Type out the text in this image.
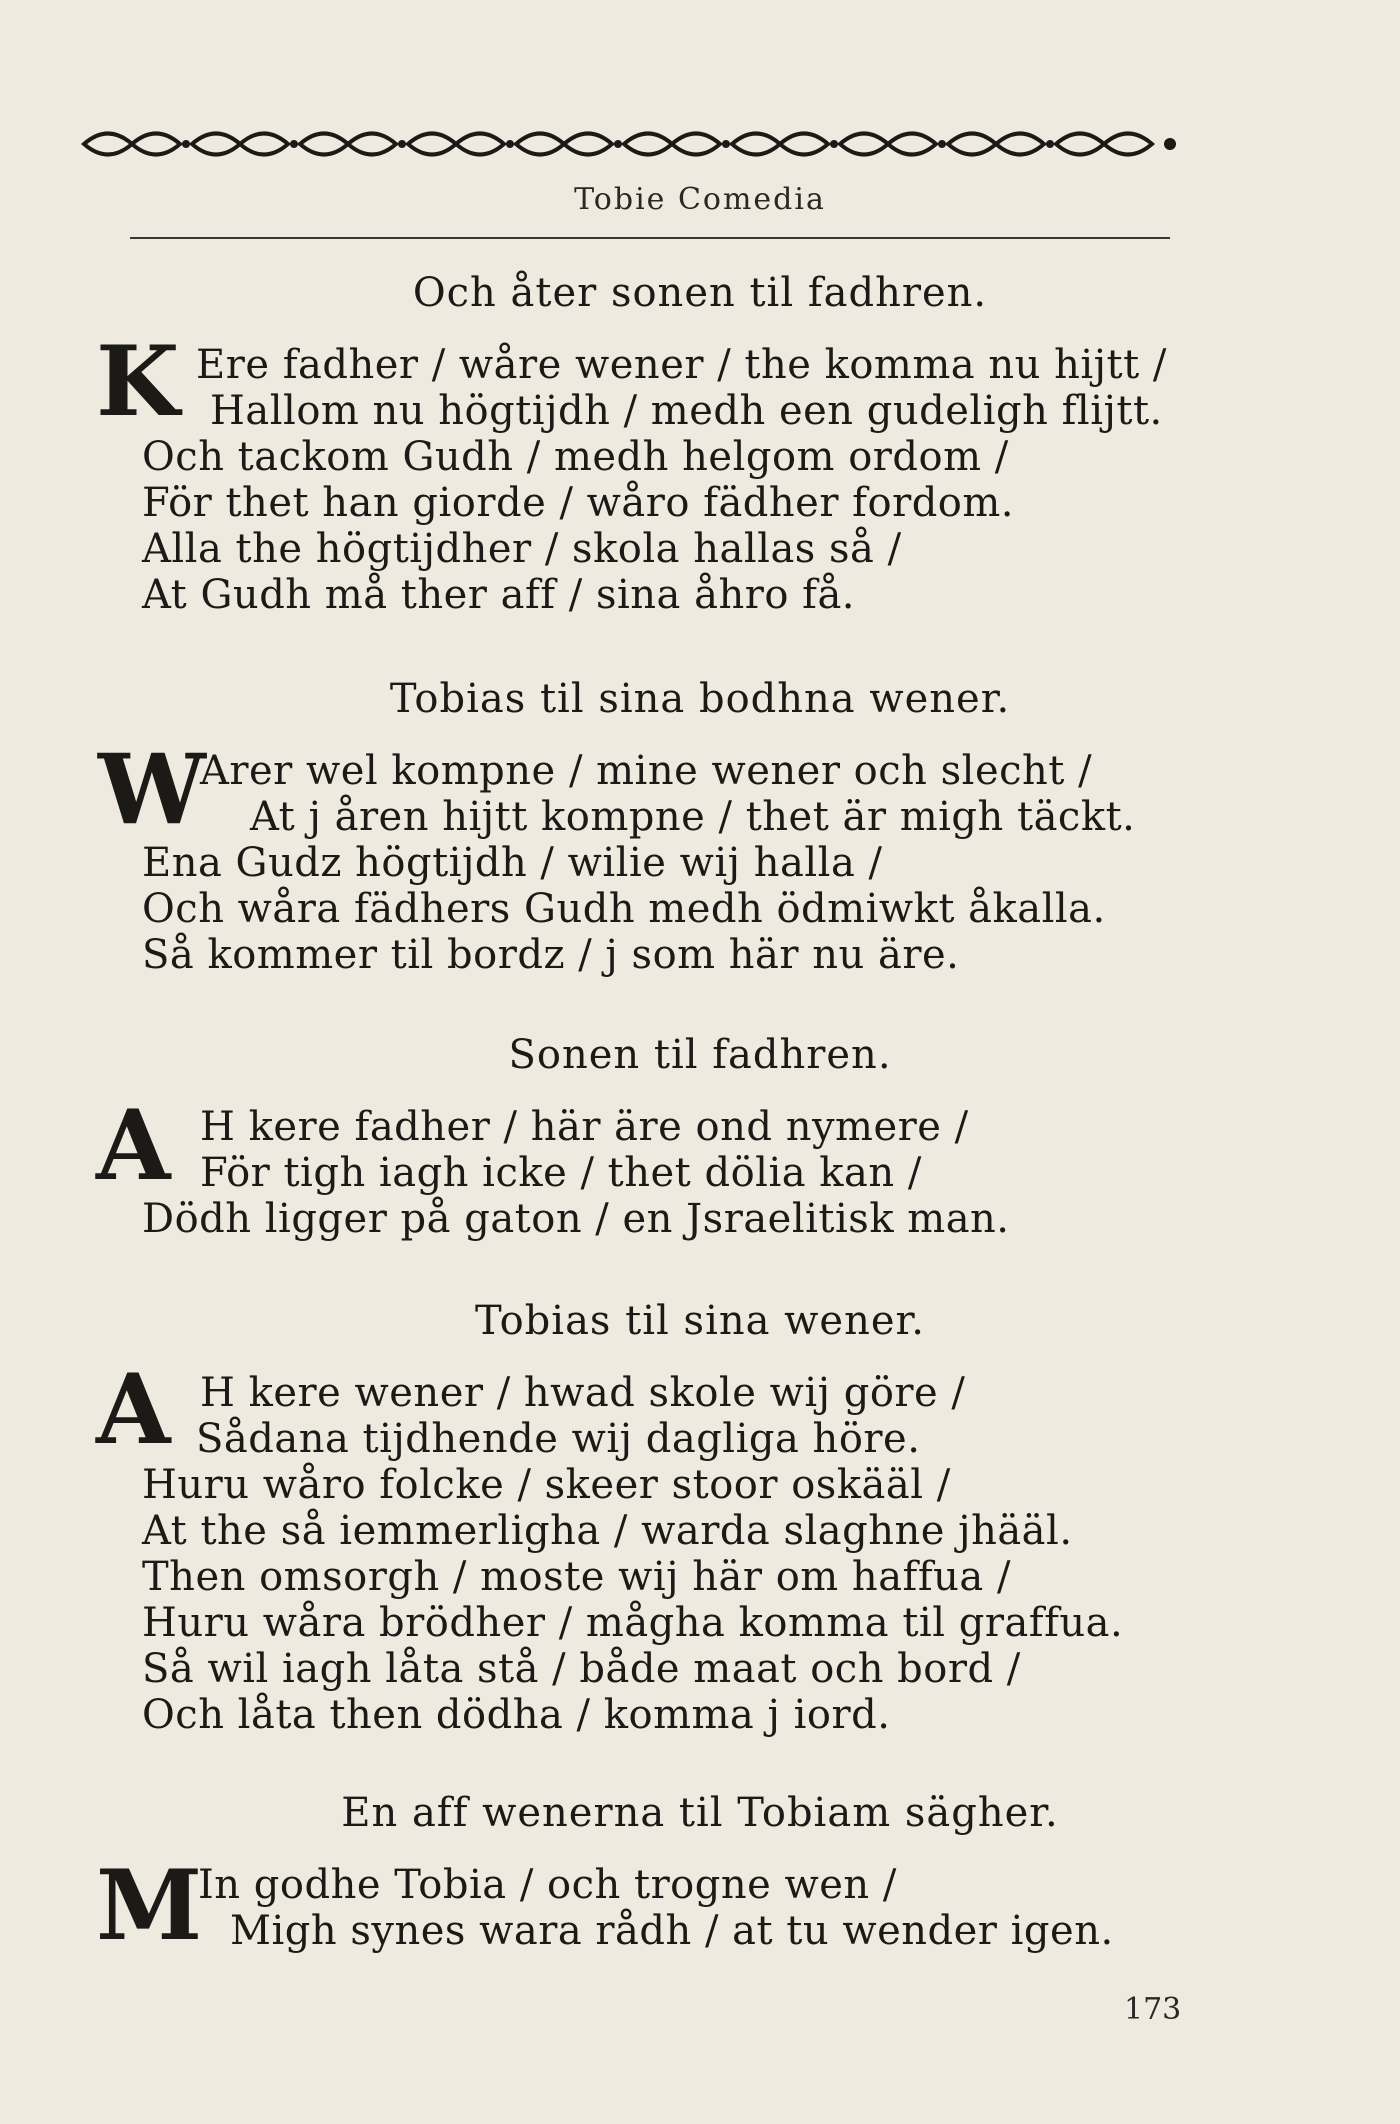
Tobie Comedia
Och åter sonen til fadhren.
K Ere fadher / wåre wener / the komma nu hijtt /
Hallom nu högtijdh / medh een gudeligh flijtt.
Och tackom Gudh / medh helgom ordom /
För thet han giorde / wåro fädher fordom.
Alla the högtijdher / skola hallas så /
At Gudh må ther aff / sina åhro få.
Tobias til sina bodhna wener.
W
Arer wel kompne / mine wener och slecht /
At j åren hijtt kompne / thet är migh täckt.
Ena Gudz högtijdh / wilie wij halla /
Och wåra fädhers Gudh medh ödmiwkt åkalla.
Så kommer til bordz / j som här nu äre.
Sonen til fadhren.
A H kere fadher / här äre ond nymere /
För tigh iagh icke / thet dölia kan /
Dödh ligger på gaton / en Jsraelitisk man.
Tobias til sina wener.
A H kere wener / hwad skole wij göre /
Sådana tijdhende wij dagliga höre.
Huru wåro folcke / skeer stoor oskääl /
At the så iemmerligha / warda slaghne jhääl.
Then omsorgh / moste wij här om haffua /
Huru wåra brödher / mågha komma til graffua.
Så wil iagh låta stå / både maat och bord /
Och låta then dödha / komma j iord.
En aff wenerna til Tobiam sägher.
M
In godhe Tobia / och trogne wen /
Migh synes wara rådh / at tu wender igen.
173
